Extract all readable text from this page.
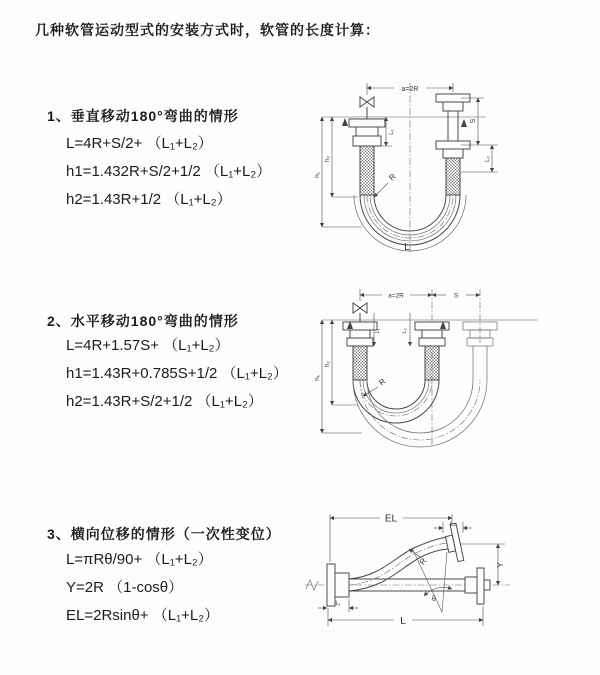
几种软管运动型式的安装方式时，软管的长度计算：
1、垂直移动180°弯曲的情形
L=4R+S/2+ （L₁+L₂）
h1=1.432R+S/2+1/2 （L₁+L₂）
h2=1.43R+1/2 （L₁+L₂）
2、水平移动180°弯曲的情形
L=4R+1.57S+ （L₁+L₂）
h1=1.43R+0.785S+1/2 （L₁+L₂）
h2=1.43R+S/2+1/2 （L₁+L₂）
3、横向位移的情形（一次性变位）
L=πRθ/90+ （L₁+L₂）
Y=2R （1-cosθ）
EL=2Rsinθ+ （L₁+L₂）
a=2R
L₁
h₁
h₂
S
L₂
R
L
a=2R	S
L₁	L₂
h₁
h₂
R
EL
L₂
Y
θ
R
L₁
L
